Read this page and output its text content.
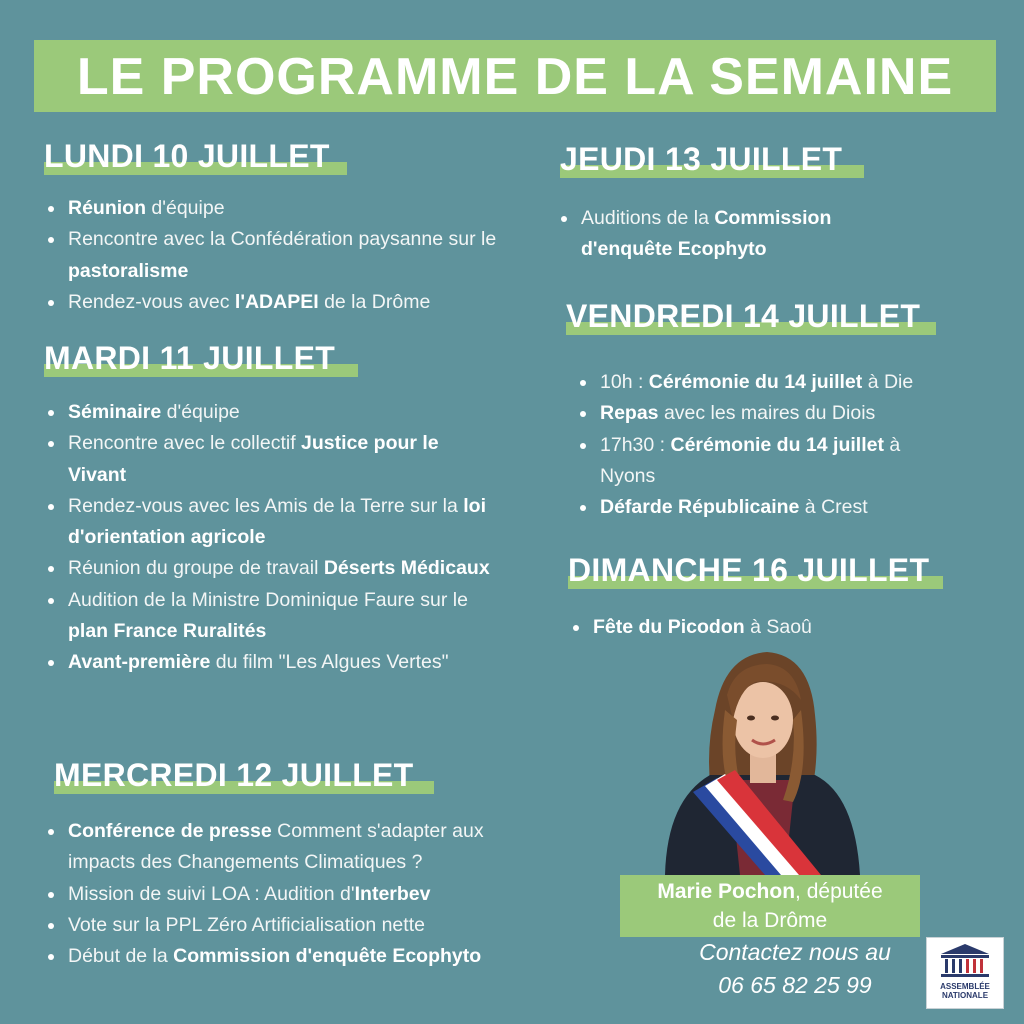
LE PROGRAMME DE LA SEMAINE
LUNDI 10 JUILLET
Réunion d'équipe
Rencontre avec la Confédération paysanne sur le pastoralisme
Rendez-vous avec l'ADAPEI de la Drôme
MARDI 11 JUILLET
Séminaire d'équipe
Rencontre avec le collectif Justice pour le Vivant
Rendez-vous avec les Amis de la Terre sur la loi d'orientation agricole
Réunion du groupe de travail Déserts Médicaux
Audition de la Ministre Dominique Faure sur le plan France Ruralités
Avant-première du film "Les Algues Vertes"
MERCREDI 12 JUILLET
Conférence de presse Comment s'adapter aux impacts des Changements Climatiques ?
Mission de suivi LOA : Audition d'Interbev
Vote sur la PPL Zéro Artificialisation nette
Début de la Commission d'enquête Ecophyto
JEUDI 13 JUILLET
Auditions de la Commission d'enquête Ecophyto
VENDREDI 14 JUILLET
10h : Cérémonie du 14 juillet à Die
Repas avec les maires du Diois
17h30 : Cérémonie du 14 juillet à Nyons
Défarde Républicaine à Crest
DIMANCHE 16 JUILLET
Fête du Picodon à Saoû
Marie Pochon, députée
de la Drôme
Contactez nous au
06 65 82 25 99	ASSEMBLÉE
NATIONALE
